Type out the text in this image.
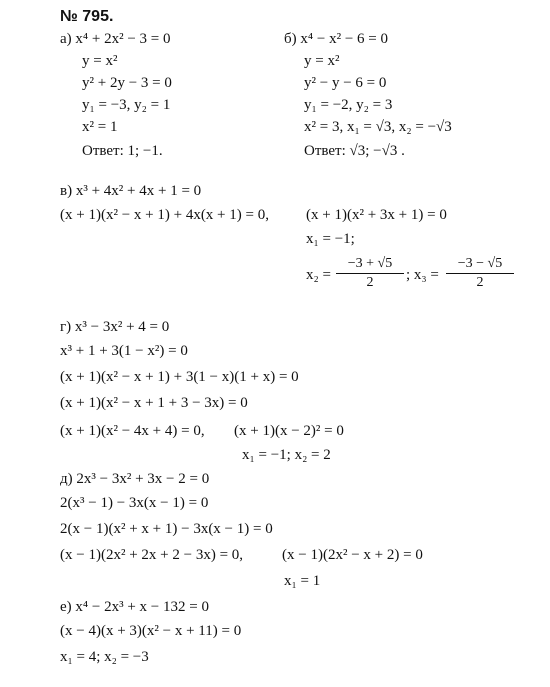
№ 795.
а) x⁴ + 2x² − 3 = 0
y = x²
y² + 2y − 3 = 0
y₁ = −3, y₂ = 1
x² = 1
Ответ: 1; −1.
б) x⁴ − x² − 6 = 0
y = x²
y² − y − 6 = 0
y₁ = −2, y₂ = 3
x² = 3, x₁ = √3, x₂ = −√3
Ответ: √3; −√3 .
в) x³ + 4x² + 4x + 1 = 0
(x + 1)(x² − x + 1) + 4x(x + 1) = 0, (x + 1)(x² + 3x + 1) = 0
x₁ = −1;
$x_2 = \frac{-3 + √5}{2}$ ; $x_3 = \frac{-3 - √5}{2}$
г) x³ − 3x² + 4 = 0
x³ + 1 + 3(1 − x²) = 0
(x + 1)(x² − x + 1) + 3(1 − x)(1 + x) = 0
(x + 1)(x² − x + 1 + 3 − 3x) = 0
(x + 1)(x² − 4x + 4) = 0, (x + 1)(x − 2)² = 0
x₁ = −1; x₂ = 2
д) 2x³ − 3x² + 3x − 2 = 0
2(x³ − 1) − 3x(x − 1) = 0
2(x − 1)(x² + x + 1) − 3x(x − 1) = 0
(x − 1)(2x² + 2x + 2 − 3x) = 0,	(x − 1)(2x² − x + 2) = 0
x₁ = 1
е) x⁴ − 2x³ + x − 132 = 0
(x − 4)(x + 3)(x² − x + 11) = 0
x₁ = 4; x₂ = −3
